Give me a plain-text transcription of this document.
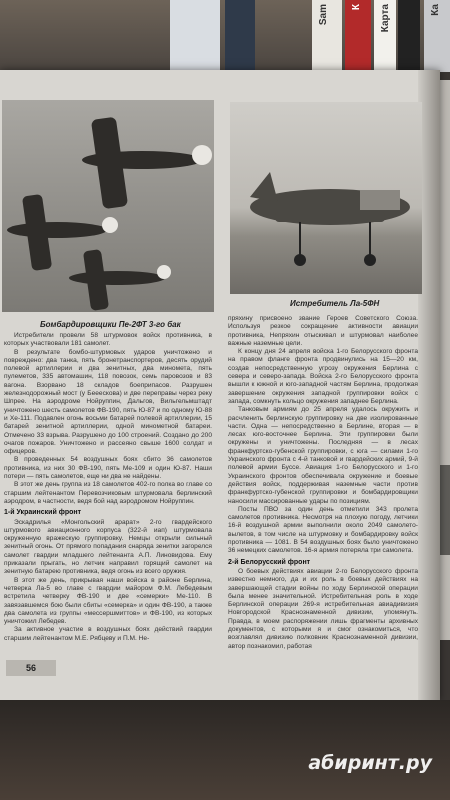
Sam К Карта	Ка
Бомбардировщики Пе-2ФТ 3-го бак
Истребитель Ла-5ФН

Истребители провели 58 штурмовок войск противника, в которых участвовали 181 самолет.

В результате бомбо-штурмовых ударов уничтожено и повреждено: два танка, пять бронетранспортеров, десять орудий полевой артиллерии и два зенитных, два миномета, пять пулеметов, 335 автомашин, 118 повозок, семь паровозов и 83 вагона. Взорвано 18 складов боеприпасов. Разрушен железнодорожный мост (у Бееескова) и две переправы через реку Шпрее. На аэродроме Нойруппин, Дальгов, Вильгельмштадт уничтожено шесть самолетов ФВ-190, пять Ю-87 и по одному Ю-88 и Хе-111. Подавлен огонь восьми батарей полевой артиллерии, 15 батарей зенитной артиллерии, одной минометной батареи. Отмечено 33 взрыва. Разрушено до 100 строений. Создано до 200 очагов пожаров. Уничтожено и рассеяно свыше 1600 солдат и офицеров.

В проведенных 54 воздушных боях сбито 36 самолетов противника, из них 30 ФВ-190, пять Ме-109 и один Ю-87. Наши потери — пять самолетов, еще ни два не найдены.

В этот же день группа из 18 самолетов 402-го полка во главе со старшим лейтенантом Перевозчиковым штурмовала берлинский аэродром, в частности, ведя бой над аэродромом Нойруппин.

1-й Украинский фронт

Эскадрилья «Монгольский арарат» 2-го гвардейского штурмового авиационного корпуса (322-й иап) штурмовала окруженную вражескую группировку. Немцы открыли сильный зенитный огонь. От прямого попадания снаряда зенитки загорелся самолет гвардии младшего лейтенанта А.П. Линовидова. Ему приказали прыгать, но летчик направил горящий самолет на зенитную батарею противника, ведя огонь из всего оружия.

В этот же день, прикрывая наши войска в районе Берлина, четверка Ла-5 во главе с гвардии майором Ф.М. Лебедевым встретила четверку ФВ-190 и две «семерки» Ме-110. В завязавшемся бою были сбиты «семерка» и один ФВ-190, а также два самолета из группы «мессершмиттов» и ФВ-190, из которых уничтожил Лебедев.

За активное участие в воздушных боях действий гвардии старшим лейтенантом М.Е. Рябцеву и П.М. Не-

пряхину присвоено звание Героев Советского Союза. Используя резкое сокращение активности авиации противника, Непряхин отыскивал и штурмовал наиболее важные наземные цели.

К концу дня 24 апреля войска 1-го Белорусского фронта на правом фланге фронта продвинулись на 15—20 км, создав непосредственную угрозу окружения Берлина с севера и северо-запада. Войска 2-го Белорусского фронта вышли к южной и юго-западной частям Берлина, продолжая завершение окружения западной группировки войск с запада, сомкнуть кольцо окружения западнее Берлина.

Танковым армиям до 25 апреля удалось окружить и расчленить берлинскую группировку на две изолированные части. Одна — непосредственно в Берлине, вторая — в лесах юго-восточнее Берлина. Эти группировки были окружены и уничтожены. Последняя — в лесах франкфуртско-губенской группировки, с юга — силами 1-го Украинского фронта с 4-й танковой и гвардейских армий, 9-й полевой армии Буссе. Авиация 1-го Белорусского и 1-го Украинского фронтов обеспечивала окружение и боевые действия войск, поддерживая наземные части против франкфуртско-губенской группировки и бомбардировщики наносили массированные удары по позициям.

Посты ПВО за один день отметили 343 пролета самолетов противника. Несмотря на плохую погоду, летчики 16-й воздушной армии выполнили около 2049 самолето-вылетов, в том числе на штурмовку и бомбардировку войск противника — 1081. В 54 воздушных боях было уничтожено 36 немецких самолетов. 16-я армия потеряла три самолета.

2-й Белорусский фронт

О боевых действиях авиации 2-го Белорусского фронта известно немного, да и их роль в боевых действиях на завершающей стадии войны по ходу Берлинской операции была менее значительной. Истребительная роль в ходе Берлинской операции 269-я истребительная авиадивизия Новгородской Краснознаменной дивизии, упомянуть. Правда, в моем распоряжении лишь фрагменты архивных документов, с которыми я и смог ознакомиться, что возглавлял дивизию полковник Краснознаменной дивизии, автор познакомил, работая

56
абиринт.ру
